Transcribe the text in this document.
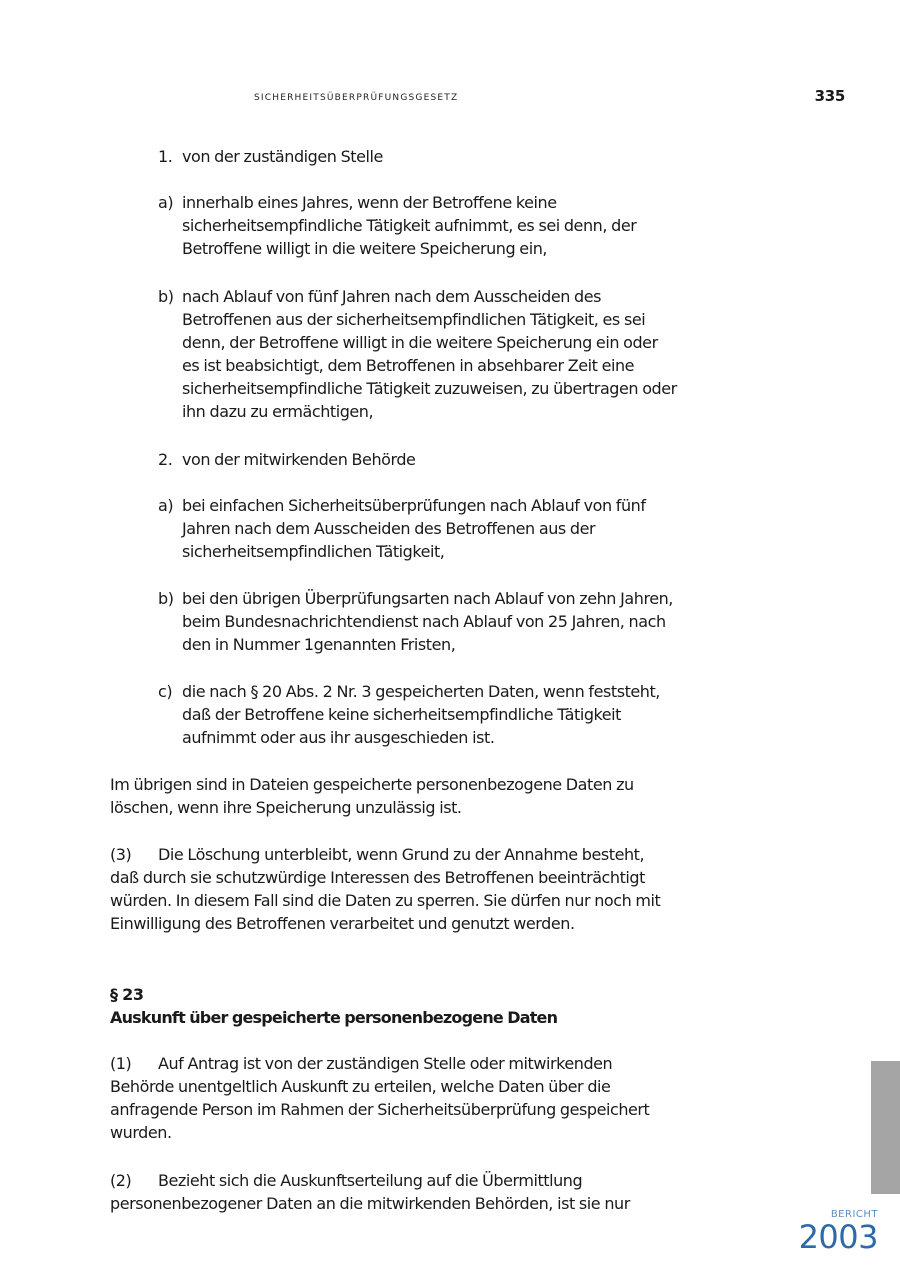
sicherheitsüberprüfungsgesetz	335
1. von der zuständigen Stelle
a) innerhalb eines Jahres, wenn der Betroffene keine sicherheitsempfindliche Tätigkeit aufnimmt, es sei denn, der Betroffene willigt in die weitere Speicherung ein,
b) nach Ablauf von fünf Jahren nach dem Ausscheiden des Betroffenen aus der sicherheitsempfindlichen Tätigkeit, es sei denn, der Betroffene willigt in die weitere Speicherung ein oder es ist beabsichtigt, dem Betroffenen in absehbarer Zeit eine sicherheitsempfindliche Tätigkeit zuzuweisen, zu übertragen oder ihn dazu zu ermächtigen,
2. von der mitwirkenden Behörde
a) bei einfachen Sicherheitsüberprüfungen nach Ablauf von fünf Jahren nach dem Ausscheiden des Betroffenen aus der sicherheitsempfindlichen Tätigkeit,
b) bei den übrigen Überprüfungsarten nach Ablauf von zehn Jahren, beim Bundesnachrichtendienst nach Ablauf von 25 Jahren, nach den in Nummer 1genannten Fristen,
c) die nach § 20 Abs. 2 Nr. 3 gespeicherten Daten, wenn feststeht, daß der Betroffene keine sicherheitsempfindliche Tätigkeit aufnimmt oder aus ihr ausgeschieden ist.
Im übrigen sind in Dateien gespeicherte personenbezogene Daten zu löschen, wenn ihre Speicherung unzulässig ist.
(3) Die Löschung unterbleibt, wenn Grund zu der Annahme besteht, daß durch sie schutzwürdige Interessen des Betroffenen beeinträchtigt würden. In diesem Fall sind die Daten zu sperren. Sie dürfen nur noch mit Einwilligung des Betroffenen verarbeitet und genutzt werden.
§ 23
Auskunft über gespeicherte personenbezogene Daten
(1) Auf Antrag ist von der zuständigen Stelle oder mitwirkenden Behörde unentgeltlich Auskunft zu erteilen, welche Daten über die anfragende Person im Rahmen der Sicherheitsüberprüfung gespeichert wurden.
(2) Bezieht sich die Auskunftserteilung auf die Übermittlung personenbezogener Daten an die mitwirkenden Behörden, ist sie nur	bericht
2003
